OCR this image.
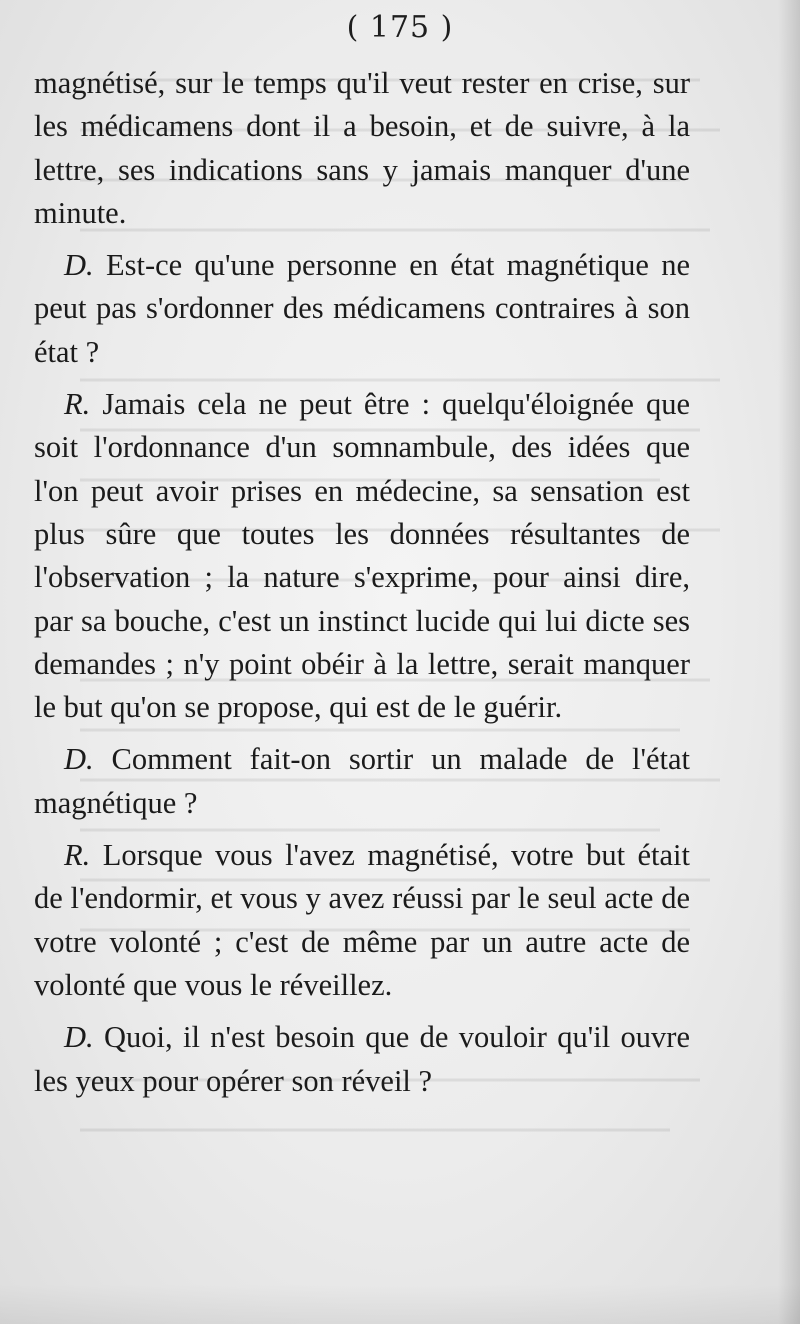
( 175 )

magnétisé, sur le temps qu'il veut rester en crise, sur les médicamens dont il a besoin, et de suivre, à la lettre, ses indications sans y jamais manquer d'une minute.

D. Est-ce qu'une personne en état magnétique ne peut pas s'ordonner des médicamens contraires à son état ?

R. Jamais cela ne peut être : quelqu'éloignée que soit l'ordonnance d'un somnambule, des idées que l'on peut avoir prises en médecine, sa sensation est plus sûre que toutes les données résultantes de l'observation ; la nature s'exprime, pour ainsi dire, par sa bouche, c'est un instinct lucide qui lui dicte ses demandes ; n'y point obéir à la lettre, serait manquer le but qu'on se propose, qui est de le guérir.

D. Comment fait-on sortir un malade de l'état magnétique ?

R. Lorsque vous l'avez magnétisé, votre but était de l'endormir, et vous y avez réussi par le seul acte de votre volonté ; c'est de même par un autre acte de volonté que vous le réveillez.

D. Quoi, il n'est besoin que de vouloir qu'il ouvre les yeux pour opérer son réveil ?
